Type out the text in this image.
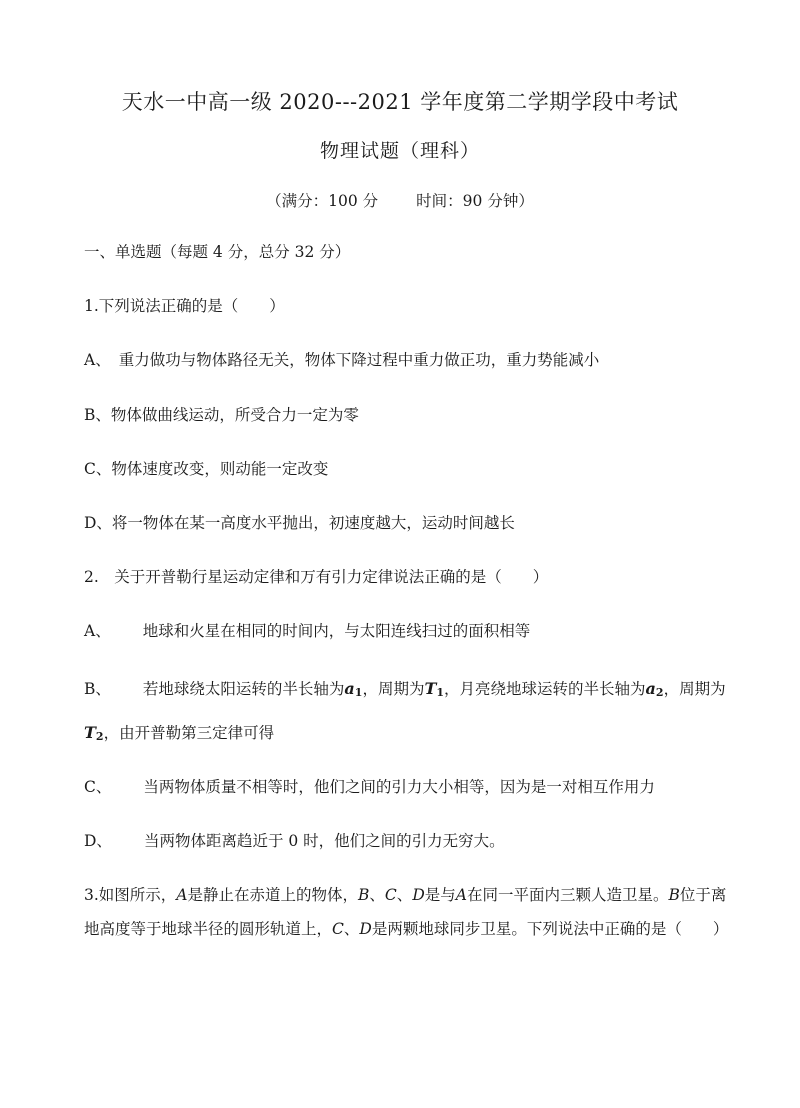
天水一中高一级 2020---2021 学年度第二学期学段中考试
物理试题（理科）
（满分：100 分 时间：90 分钟）
一、单选题（每题 4 分，总分 32 分）
1.下列说法正确的是（　　）
A、 重力做功与物体路径无关，物体下降过程中重力做正功，重力势能减小
B、物体做曲线运动，所受合力一定为零
C、物体速度改变，则动能一定改变
D、将一物体在某一高度水平抛出，初速度越大，运动时间越长
2.　关于开普勒行星运动定律和万有引力定律说法正确的是（　　）
A、 地球和火星在相同的时间内，与太阳连线扫过的面积相等
B、 若地球绕太阳运转的半长轴为$a_1$，周期为$T_1$，月亮绕地球运转的半长轴为$a_2$，周期为
$T_2$，由开普勒第三定律可得
C、 当两物体质量不相等时，他们之间的引力大小相等，因为是一对相互作用力
D、 当两物体距离趋近于 0 时，他们之间的引力无穷大。
3.如图所示，A是静止在赤道上的物体，B、C、D是与A在同一平面内三颗人造卫星。B位于离
地高度等于地球半径的圆形轨道上，C、D是两颗地球同步卫星。下列说法中正确的是（　　）
